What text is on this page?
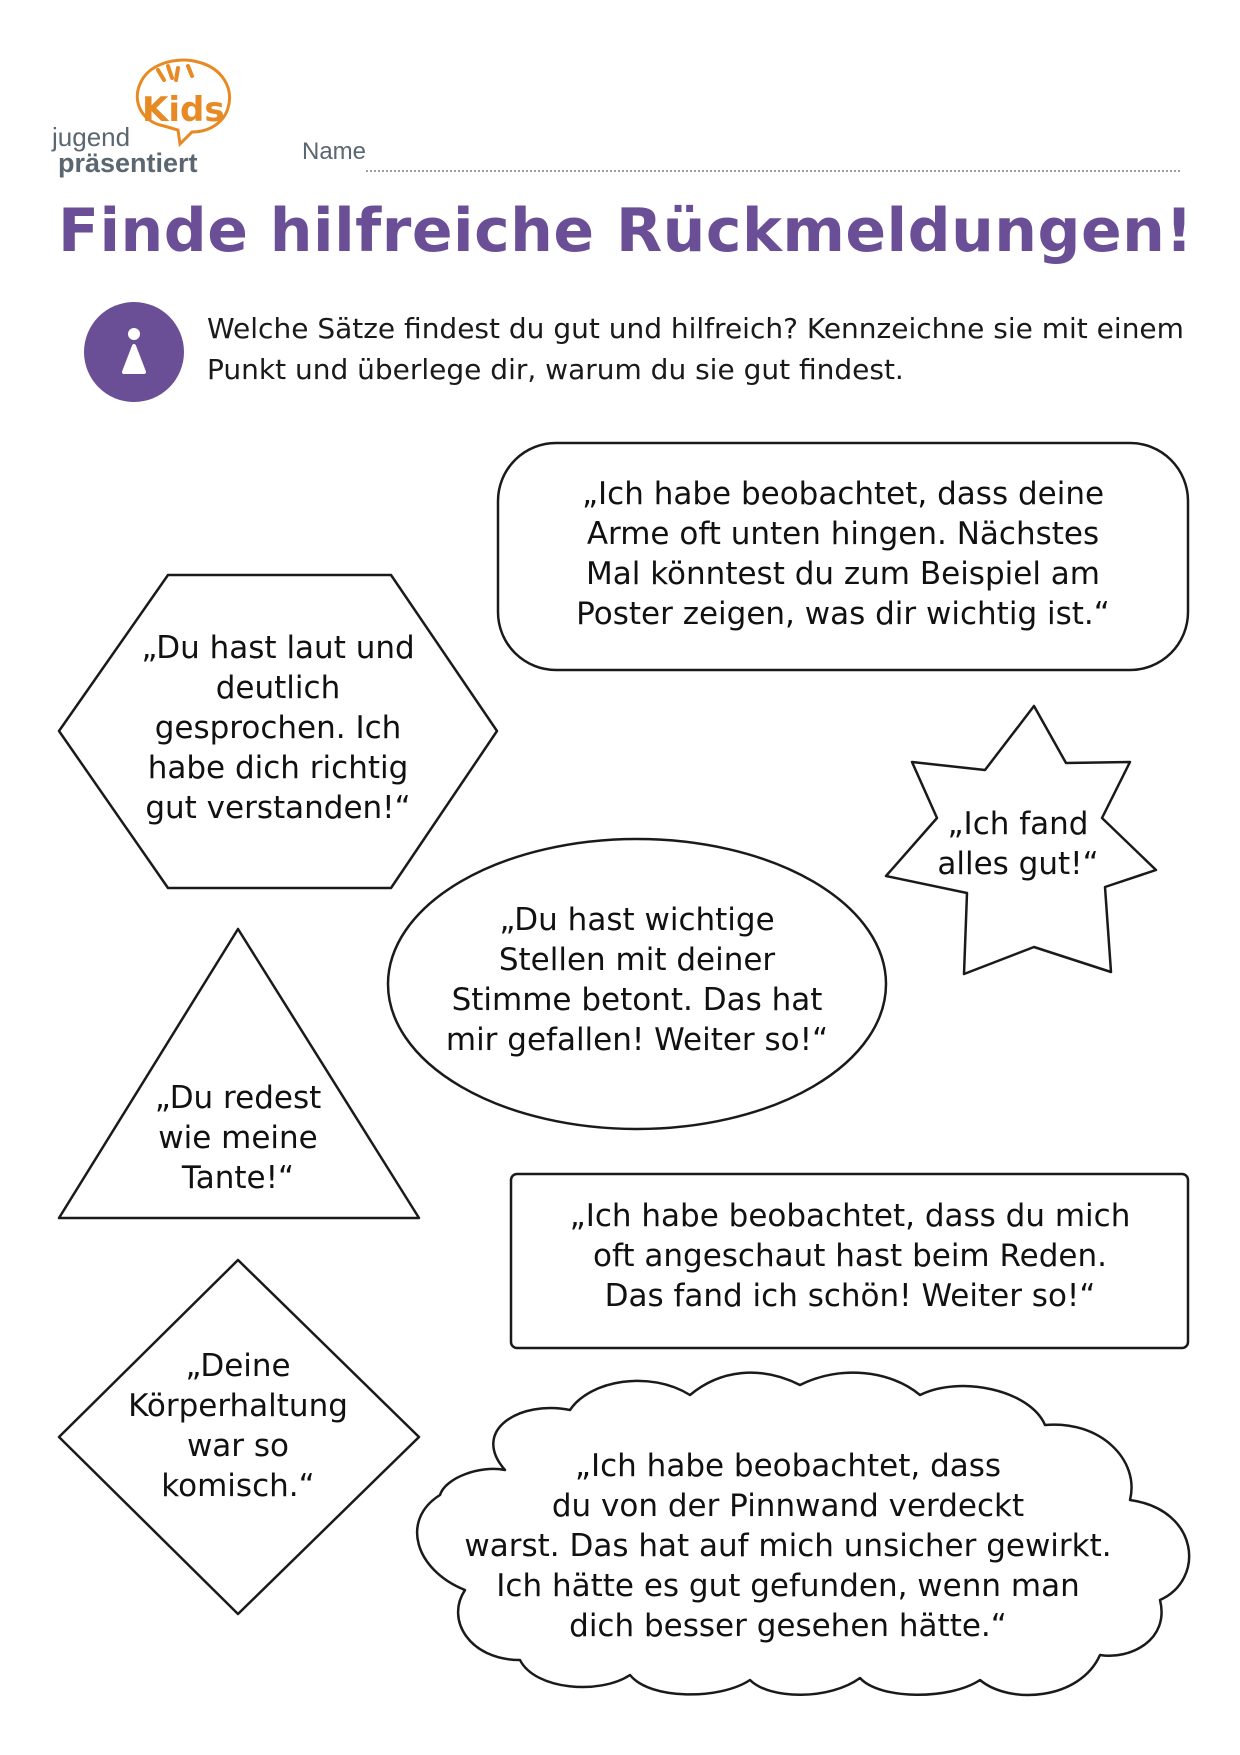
Kids
jugend
präsentiert	Name
Finde hilfreiche Rückmeldungen!

Welche Sätze findest du gut und hilfreich? Kennzeichne sie mit einem Punkt und überlege dir, warum du sie gut findest.

„Ich habe beobachtet, dass deine
Arme oft unten hingen. Nächstes
Mal könntest du zum Beispiel am
Poster zeigen, was dir wichtig ist.“

„Du hast laut und
deutlich
gesprochen. Ich
habe dich richtig
gut verstanden!“	„Ich fand
alles gut!“

„Du hast wichtige
Stellen mit deiner
Stimme betont. Das hat
mir gefallen! Weiter so!“

„Du redest
wie meine
Tante!“

„Ich habe beobachtet, dass du mich
oft angeschaut hast beim Reden.
Das fand ich schön! Weiter so!“

„Deine
Körperhaltung
war so
komisch.“

„Ich habe beobachtet, dass
du von der Pinnwand verdeckt
warst. Das hat auf mich unsicher gewirkt.
Ich hätte es gut gefunden, wenn man
dich besser gesehen hätte.“
